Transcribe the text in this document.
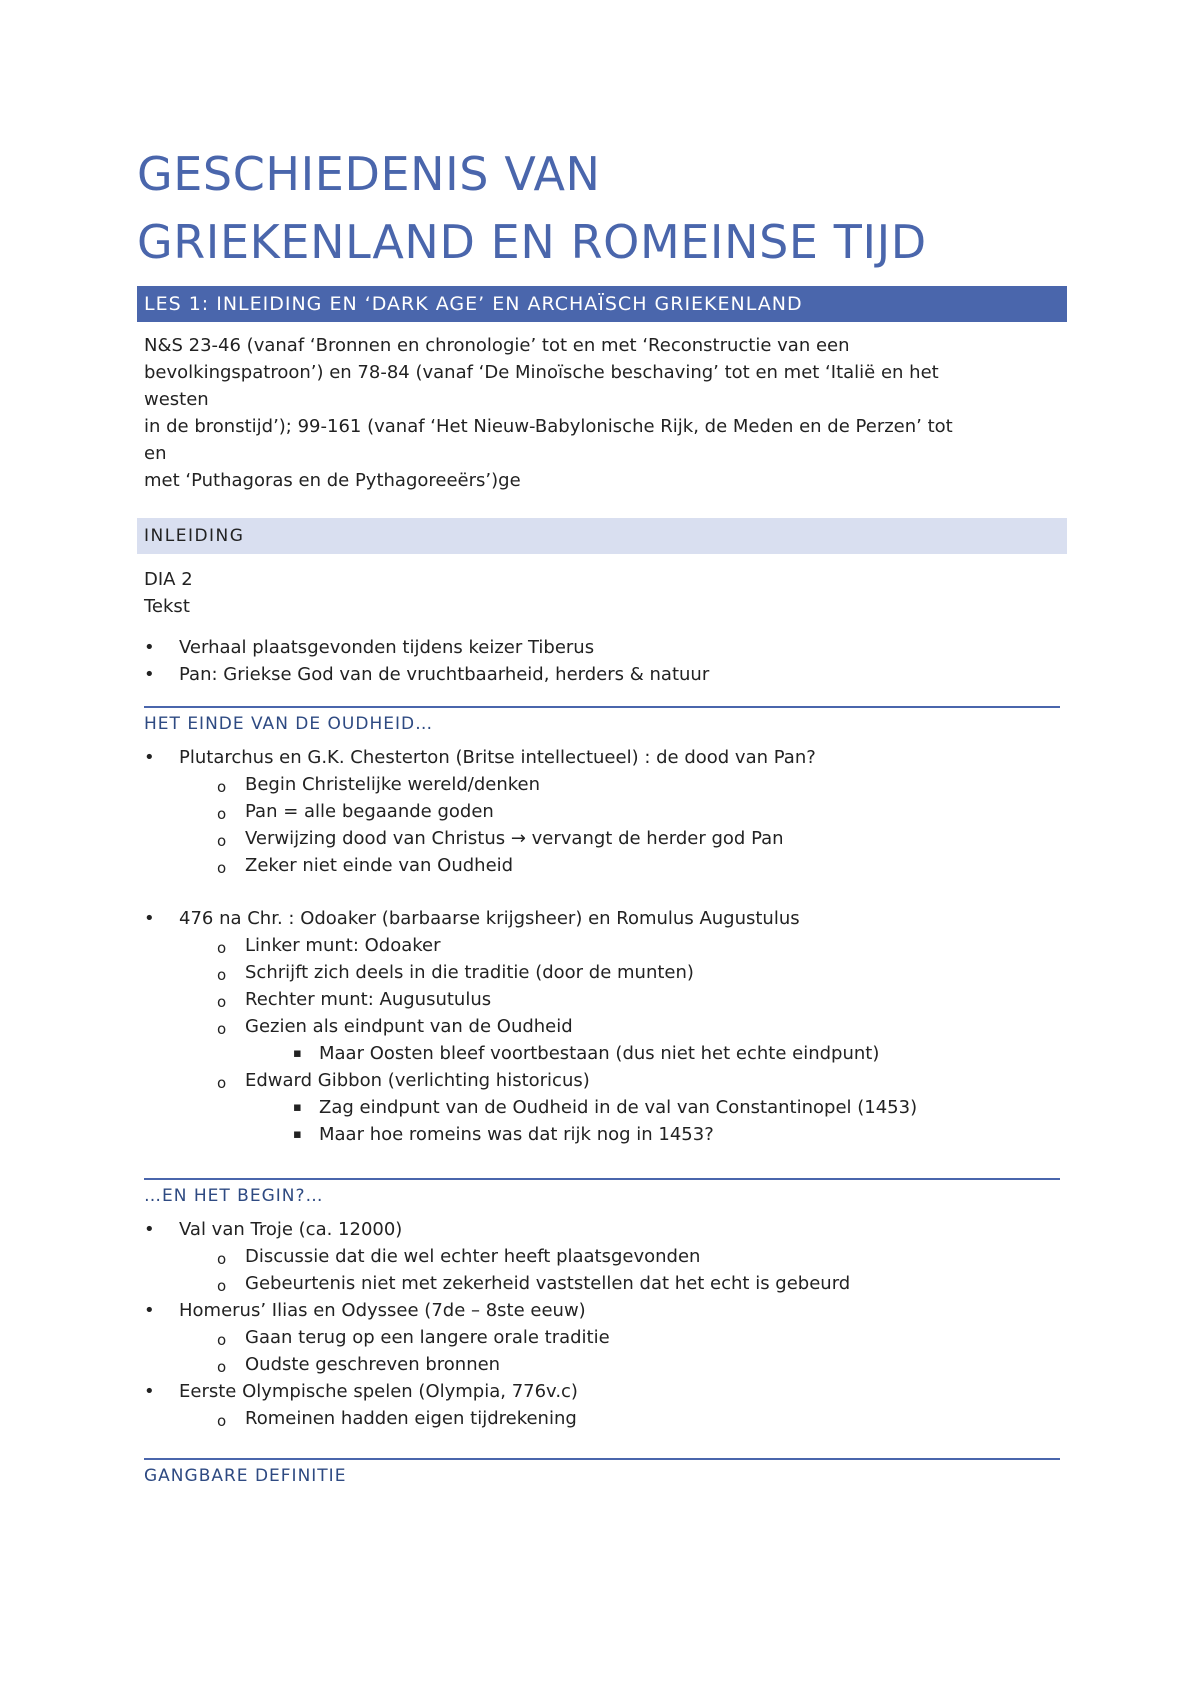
GESCHIEDENIS VAN
GRIEKENLAND EN ROMEINSE TIJD
LES 1: INLEIDING EN ‘DARK AGE’ EN ARCHAÏSCH GRIEKENLAND
N&S 23-46 (vanaf ‘Bronnen en chronologie’ tot en met ‘Reconstructie van een
bevolkingspatroon’) en 78-84 (vanaf ‘De Minoïsche beschaving’ tot en met ‘Italië en het
westen
in de bronstijd’); 99-161 (vanaf ‘Het Nieuw-Babylonische Rijk, de Meden en de Perzen’ tot
en
met ‘Puthagoras en de Pythagoreeërs’)ge
INLEIDING
DIA 2
Tekst
• Verhaal plaatsgevonden tijdens keizer Tiberus
• Pan: Griekse God van de vruchtbaarheid, herders & natuur
HET EINDE VAN DE OUDHEID…
• Plutarchus en G.K. Chesterton (Britse intellectueel) : de dood van Pan?
o Begin Christelijke wereld/denken
o Pan = alle begaande goden
o Verwijzing dood van Christus → vervangt de herder god Pan
o Zeker niet einde van Oudheid
• 476 na Chr. : Odoaker (barbaarse krijgsheer) en Romulus Augustulus
o Linker munt: Odoaker
o Schrijft zich deels in die traditie (door de munten)
o Rechter munt: Augusutulus
o Gezien als eindpunt van de Oudheid
▪ Maar Oosten bleef voortbestaan (dus niet het echte eindpunt)
o Edward Gibbon (verlichting historicus)
▪ Zag eindpunt van de Oudheid in de val van Constantinopel (1453)
▪ Maar hoe romeins was dat rijk nog in 1453?
…EN HET BEGIN?…
• Val van Troje (ca. 12000)
o Discussie dat die wel echter heeft plaatsgevonden
o Gebeurtenis niet met zekerheid vaststellen dat het echt is gebeurd
• Homerus’ Ilias en Odyssee (7de – 8ste eeuw)
o Gaan terug op een langere orale traditie
o Oudste geschreven bronnen
• Eerste Olympische spelen (Olympia, 776v.c)
o Romeinen hadden eigen tijdrekening
GANGBARE DEFINITIE
